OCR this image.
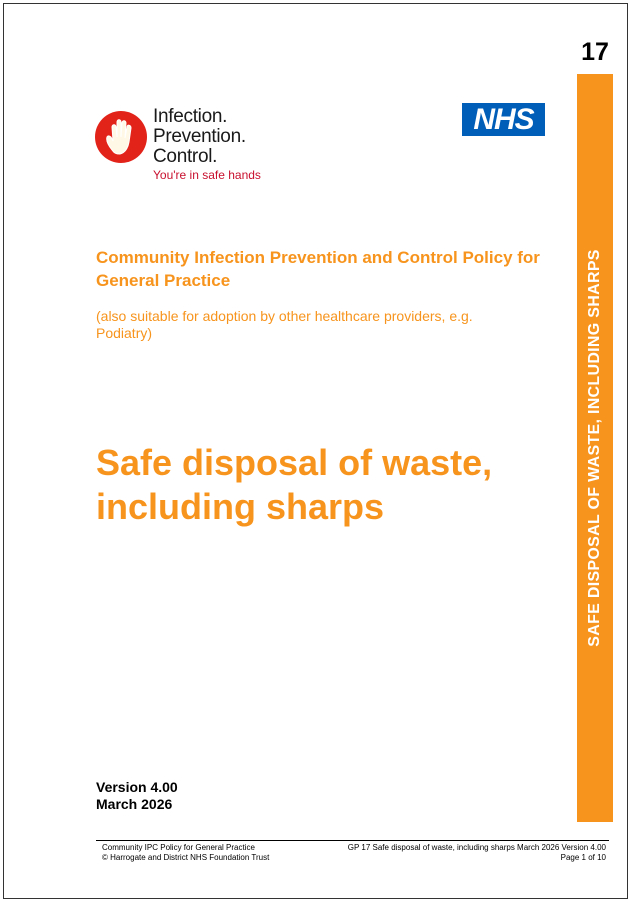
17
SAFE DISPOSAL OF WASTE, INCLUDING SHARPS
Infection.
Prevention.
Control.
You're in safe hands
NHS
Community Infection Prevention and Control Policy for General Practice
(also suitable for adoption by other healthcare providers, e.g. Podiatry)
Safe disposal of waste, including sharps
Version 4.00
March 2026
Community IPC Policy for General Practice
© Harrogate and District NHS Foundation Trust
GP 17 Safe disposal of waste, including sharps March 2026 Version 4.00
Page 1 of 10
